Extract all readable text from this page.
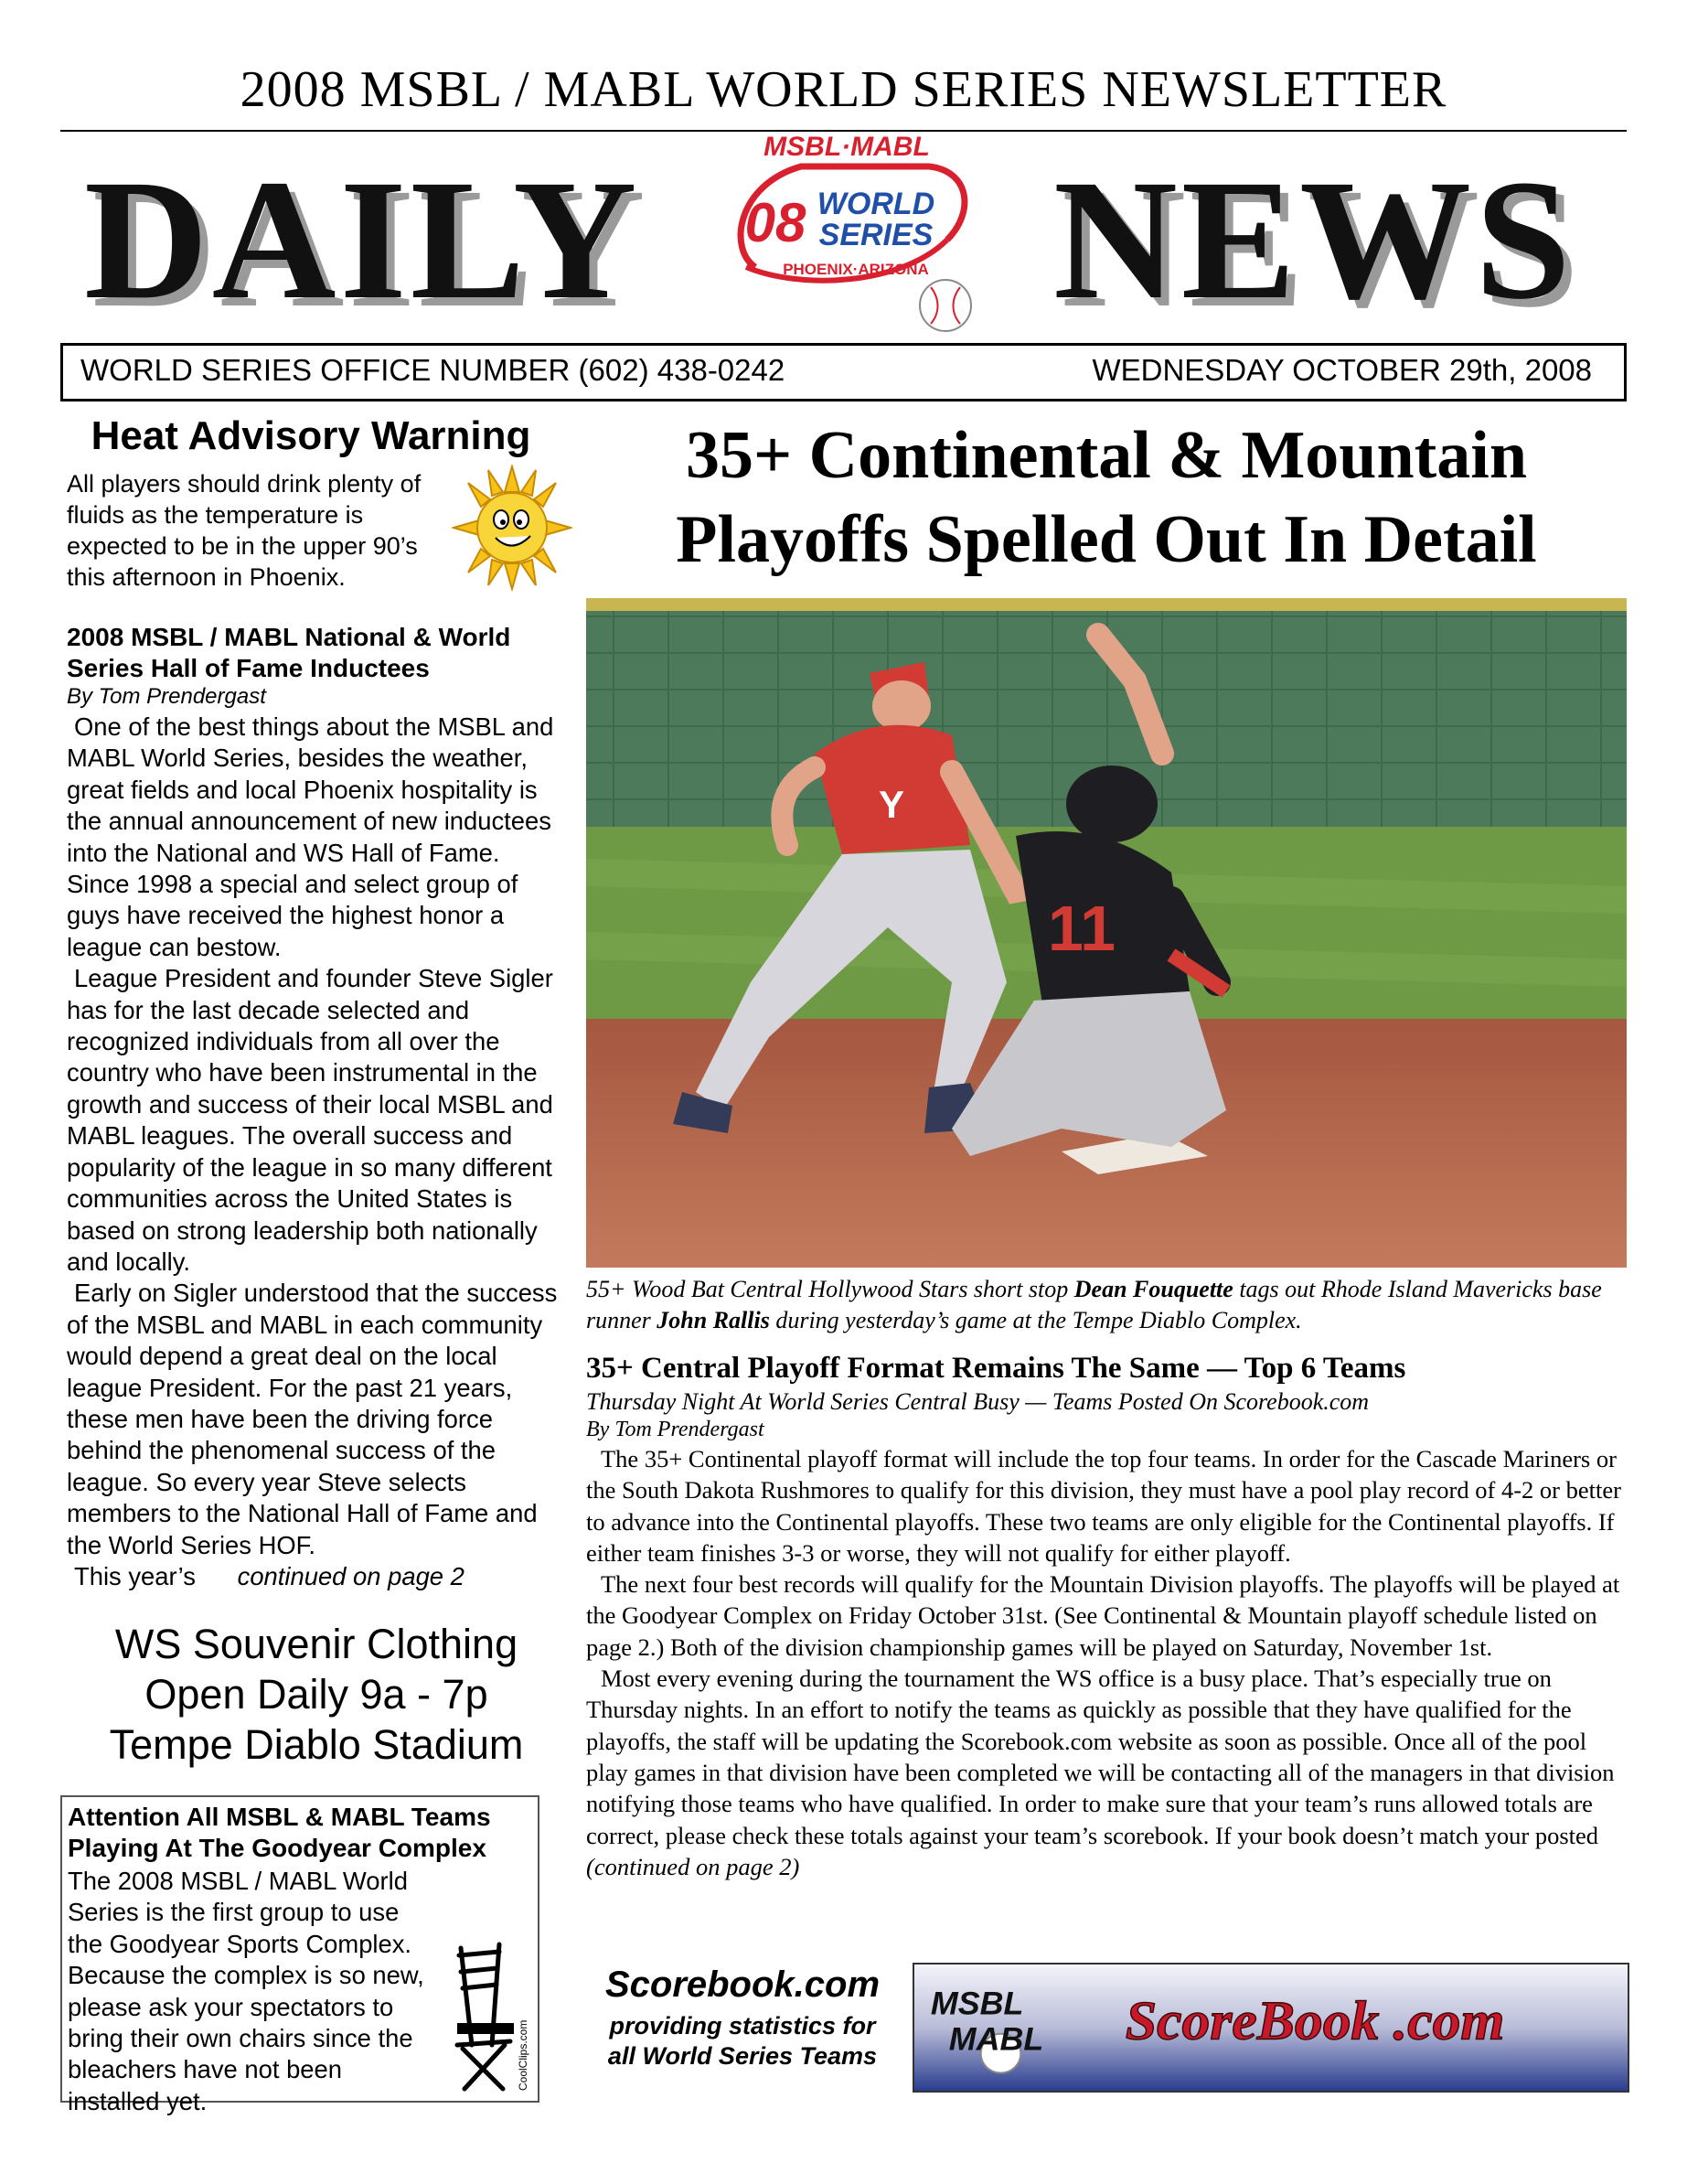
2008 MSBL / MABL WORLD SERIES NEWSLETTER
DAILY NEWS
MSBL·MABL
08 WORLD
SERIES
PHOENIX·ARIZONA
WORLD SERIES OFFICE NUMBER (602) 438-0242	WEDNESDAY OCTOBER 29th, 2008
Heat Advisory Warning
All players should drink plenty of fluids as the temperature is expected to be in the upper 90’s this afternoon in Phoenix.
2008 MSBL / MABL National & World Series Hall of Fame Inductees
By Tom Prendergast

One of the best things about the MSBL and MABL World Series, besides the weather, great fields and local Phoenix hospitality is the annual announcement of new inductees into the National and WS Hall of Fame. Since 1998 a special and select group of guys have received the highest honor a league can bestow.

League President and founder Steve Sigler has for the last decade selected and recognized individuals from all over the country who have been instrumental in the growth and success of their local MSBL and MABL leagues. The overall success and popularity of the league in so many different communities across the United States is based on strong leadership both nationally and locally.

Early on Sigler understood that the success of the MSBL and MABL in each community would depend a great deal on the local league President. For the past 21 years, these men have been the driving force behind the phenomenal success of the league. So every year Steve selects members to the National Hall of Fame and the World Series HOF.

This year’s continued on page 2

WS Souvenir Clothing
Open Daily 9a - 7p
Tempe Diablo Stadium
Attention All MSBL & MABL Teams Playing At The Goodyear Complex
The 2008 MSBL / MABL World Series is the first group to use the Goodyear Sports Complex. Because the complex is so new, please ask your spectators to bring their own chairs since the bleachers have not been installed yet.
CoolClips.com
35+ Continental & Mountain
Playoffs Spelled Out In Detail
Y
11
55+ Wood Bat Central Hollywood Stars short stop Dean Fouquette tags out Rhode Island Mavericks base runner John Rallis during yesterday’s game at the Tempe Diablo Complex.
35+ Central Playoff Format Remains The Same — Top 6 Teams
Thursday Night At World Series Central Busy — Teams Posted On Scorebook.com
By Tom Prendergast

The 35+ Continental playoff format will include the top four teams. In order for the Cascade Mariners or the South Dakota Rushmores to qualify for this division, they must have a pool play record of 4-2 or better to advance into the Continental playoffs. These two teams are only eligible for the Continental playoffs. If either team finishes 3-3 or worse, they will not qualify for either playoff.

The next four best records will qualify for the Mountain Division playoffs. The playoffs will be played at the Goodyear Complex on Friday October 31st. (See Continental & Mountain playoff schedule listed on page 2.) Both of the division championship games will be played on Saturday, November 1st.

Most every evening during the tournament the WS office is a busy place. That’s especially true on Thursday nights. In an effort to notify the teams as quickly as possible that they have qualified for the playoffs, the staff will be updating the Scorebook.com website as soon as possible. Once all of the pool play games in that division have been completed we will be contacting all of the managers in that division notifying those teams who have qualified. In order to make sure that your team’s runs allowed totals are correct, please check these totals against your team’s scorebook. If your book doesn’t match your posted (continued on page 2)

Scorebook.com
providing statistics for
all World Series Teams
MSBL
MABL ScoreBook .com
